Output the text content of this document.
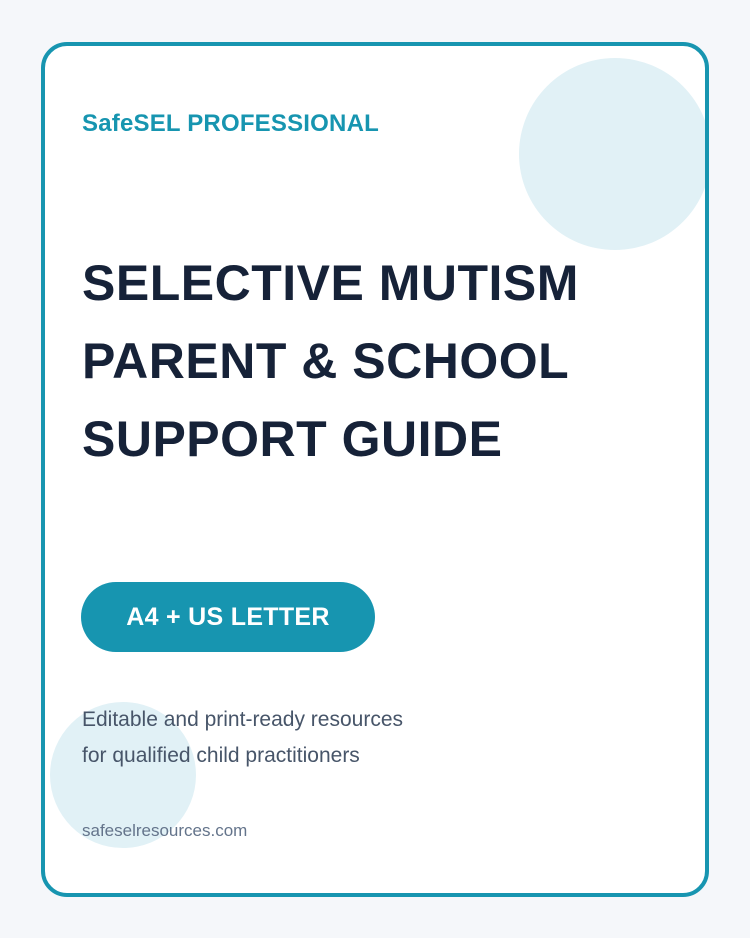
SafeSEL PROFESSIONAL
SELECTIVE MUTISM
PARENT & SCHOOL
SUPPORT GUIDE
A4 + US LETTER
Editable and print-ready resources
for qualified child practitioners
safeselresources.com
